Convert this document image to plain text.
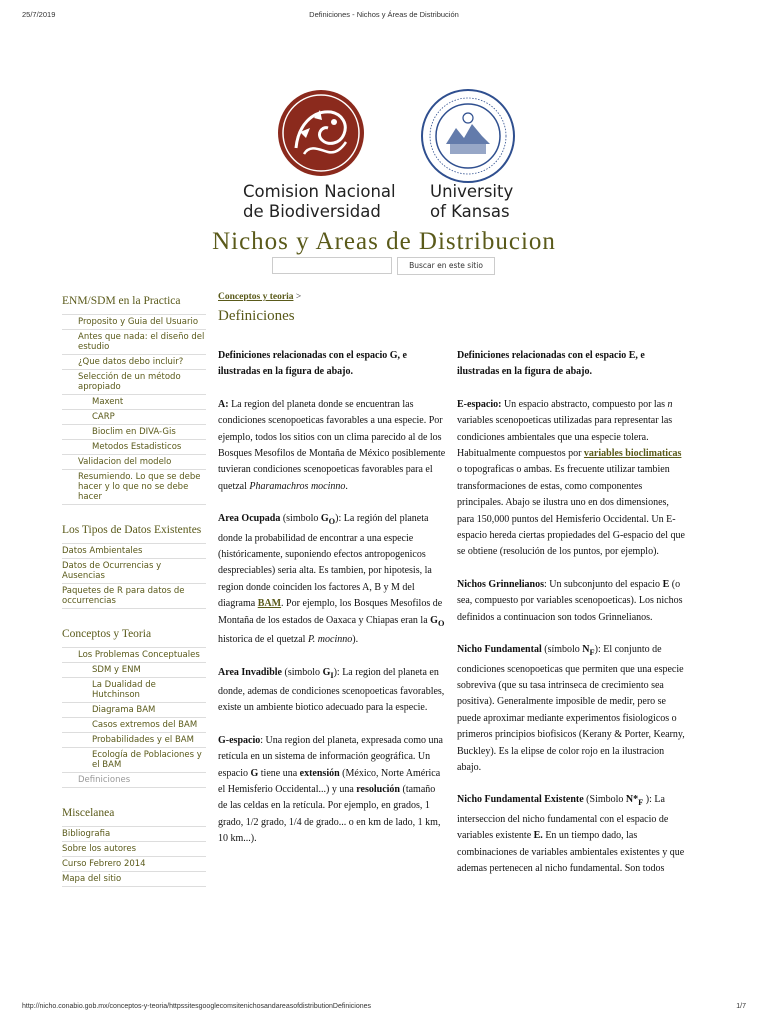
25/7/2019	Definiciones - Nichos y Áreas de Distribución
Comision Nacional
de Biodiversidad
University
of Kansas
Nichos y Areas de Distribucion
Buscar en este sitio
ENM/SDM en la Practica
Proposito y Guia del Usuario
Antes que nada: el diseño del estudio
¿Que datos debo incluir?
Selección de un método apropiado
Maxent
CARP
Bioclim en DIVA-Gis
Metodos Estadisticos
Validacion del modelo
Resumiendo. Lo que se debe hacer y lo que no se debe hacer
Los Tipos de Datos Existentes
Datos Ambientales
Datos de Ocurrencias y Ausencias
Paquetes de R para datos de occurrencias
Conceptos y Teoria
Los Problemas Conceptuales
SDM y ENM
La Dualidad de Hutchinson
Diagrama BAM
Casos extremos del BAM
Probabilidades y el BAM
Ecología de Poblaciones y el BAM
Definiciones
Miscelanea
Bibliografia
Sobre los autores
Curso Febrero 2014
Mapa del sitio
Conceptos y teoria >
Definiciones

Definiciones relacionadas con el espacio G, e ilustradas en la figura de abajo.

A: La region del planeta donde se encuentran las condiciones scenopoeticas favorables a una especie. Por ejemplo, todos los sitios con un clima parecido al de los Bosques Mesofilos de Montaña de México posiblemente tuvieran condiciones scenopoeticas favorables para el quetzal Pharamachros mocinno.

Area Ocupada (simbolo $G_O$): La región del planeta donde la probabilidad de encontrar a una especie (históricamente, suponiendo efectos antropogenicos despreciables) seria alta. Es tambien, por hipotesis, la region donde coinciden los factores A, B y M del diagrama BAM. Por ejemplo, los Bosques Mesofilos de Montaña de los estados de Oaxaca y Chiapas eran la $G_O$ historica de el quetzal P. mocinno).

Area Invadible (simbolo $G_I$): La region del planeta en donde, ademas de condiciones scenopoeticas favorables, existe un ambiente biotico adecuado para la especie.

G-espacio: Una region del planeta, expresada como una retícula en un sistema de información geográfica. Un espacio G tiene una extensión (México, Norte América el Hemisferio Occidental...) y una resolución (tamaño de las celdas en la retícula. Por ejemplo, en grados, 1 grado, 1/2 grado, 1/4 de grado... o en km de lado, 1 km, 10 km...).

Definiciones relacionadas con el espacio E, e ilustradas en la figura de abajo.

E-espacio: Un espacio abstracto, compuesto por las n variables scenopoeticas utilizadas para representar las condiciones ambientales que una especie tolera. Habitualmente compuestos por variables bioclimaticas o topograficas o ambas. Es frecuente utilizar tambien transformaciones de estas, como componentes principales. Abajo se ilustra uno en dos dimensiones, para 150,000 puntos del Hemisferio Occidental. Un E-espacio hereda ciertas propiedades del G-espacio del que se obtiene (resolución de los puntos, por ejemplo).

Nichos Grinnelianos: Un subconjunto del espacio E (o sea, compuesto por variables scenopoeticas). Los nichos definidos a continuacion son todos Grinnelianos.

Nicho Fundamental (símbolo $N_F$): El conjunto de condiciones scenopoeticas que permiten que una especie sobreviva (que su tasa intrinseca de crecimiento sea positiva). Generalmente imposible de medir, pero se puede aproximar mediante experimentos fisiologicos o primeros principios biofisicos (Kerany & Porter, Kearny, Buckley). Es la elipse de color rojo en la ilustracion abajo.

Nicho Fundamental Existente (Simbolo $N*_F$ ): La interseccion del nicho fundamental con el espacio de variables existente E. En un tiempo dado, las combinaciones de variables ambientales existentes y que ademas pertenecen al nicho fundamental. Son todos

http://nicho.conabio.gob.mx/conceptos-y-teoria/httpssitesgooglecomsitenichosandareasofdistributionDefiniciones	1/7
